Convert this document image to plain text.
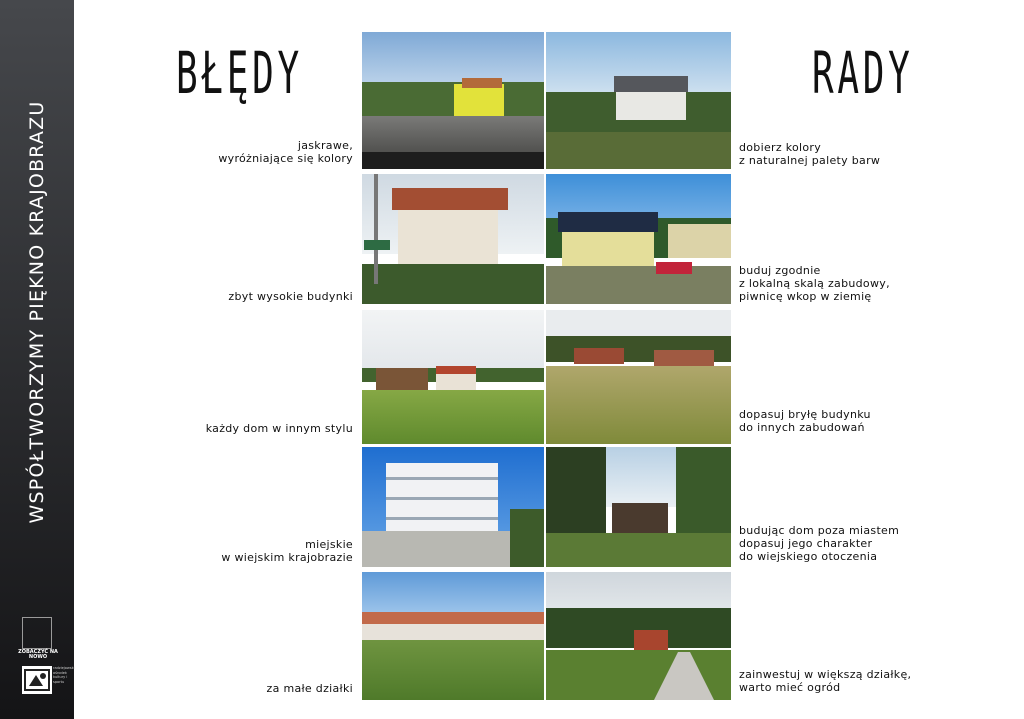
WSPÓŁTWORZYMY PIĘKNO KRAJOBRAZU
ZOBACZYĆ NA NOWO
radziejowski ośrodek kultury i sportu
BŁĘDY	RADY
jaskrawe,
wyróżniające się kolory
zbyt wysokie budynki
każdy dom w innym stylu
miejskie
w wiejskim krajobrazie
za małe działki
dobierz kolory
z naturalnej palety barw
buduj zgodnie
z lokalną skalą zabudowy,
piwnicę wkop w ziemię
dopasuj bryłę budynku
do innych zabudowań
budując dom poza miastem
dopasuj jego charakter
do wiejskiego otoczenia
zainwestuj w większą działkę,
warto mieć ogród
